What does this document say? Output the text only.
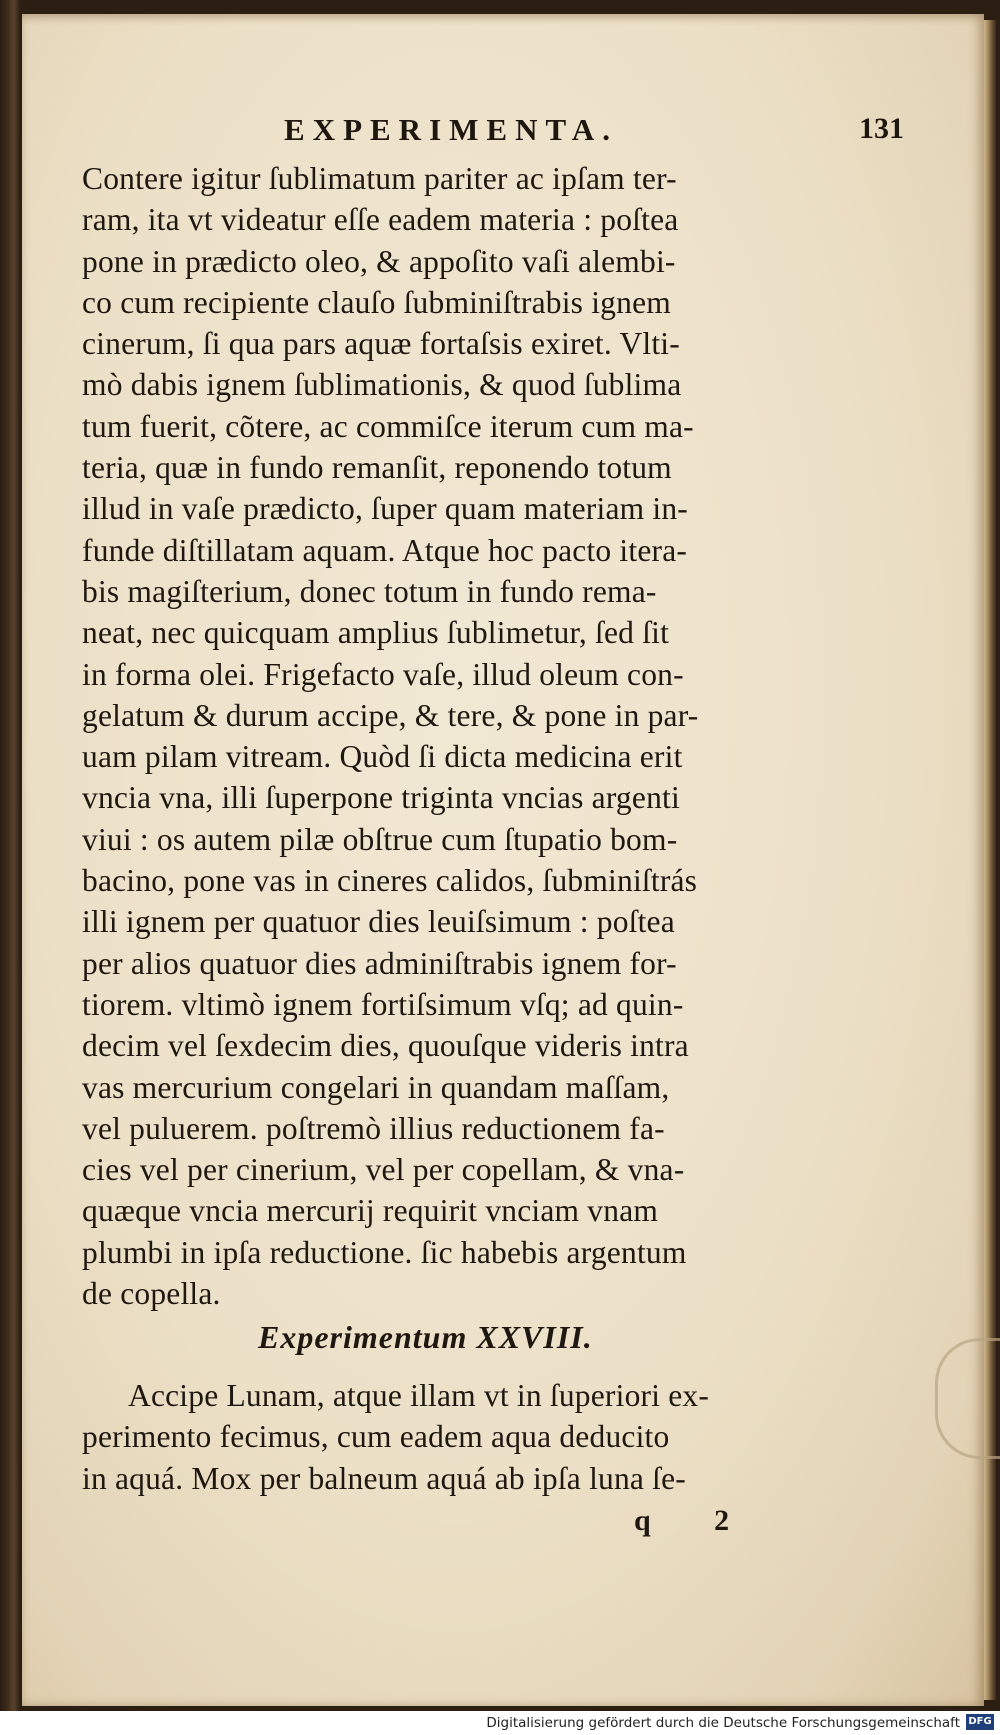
EXPERIMENTA.	131
Contere igitur ſublimatum pariter ac ipſam ter-
ram, ita vt videatur eſſe eadem materia : poſtea
pone in prædicto oleo, & appoſito vaſi alembi-
co cum recipiente clauſo ſubminiſtrabis ignem
cinerum, ſi qua pars aquæ fortaſsis exiret. Vlti-
mò dabis ignem ſublimationis, & quod ſublima
tum fuerit, cõtere, ac commiſce iterum cum ma-
teria, quæ in fundo remanſit, reponendo totum
illud in vaſe prædicto, ſuper quam materiam in-
funde diſtillatam aquam. Atque hoc pacto itera-
bis magiſterium, donec totum in fundo rema-
neat, nec quicquam amplius ſublimetur, ſed ſit
in forma olei. Frigefacto vaſe, illud oleum con-
gelatum & durum accipe, & tere, & pone in par-
uam pilam vitream. Quòd ſi dicta medicina erit
vncia vna, illi ſuperpone triginta vncias argenti
viui : os autem pilæ obſtrue cum ſtupatio bom-
bacino, pone vas in cineres calidos, ſubminiſtrás
illi ignem per quatuor dies leuiſsimum : poſtea
per alios quatuor dies adminiſtrabis ignem for-
tiorem. vltimò ignem fortiſsimum vſq; ad quin-
decim vel ſexdecim dies, quouſque videris intra
vas mercurium congelari in quandam maſſam,
vel puluerem. poſtremò illius reductionem fa-
cies vel per cinerium, vel per copellam, & vna-
quæque vncia mercurij requirit vnciam vnam
plumbi in ipſa reductione. ſic habebis argentum
de copella.
Experimentum XXVIII.
Accipe Lunam, atque illam vt in ſuperiori ex-
perimento fecimus, cum eadem aqua deducito
in aquá. Mox per balneum aquá ab ipſa luna ſe-
q 2
Digitalisierung gefördert durch die Deutsche Forschungsgemeinschaft DFG
